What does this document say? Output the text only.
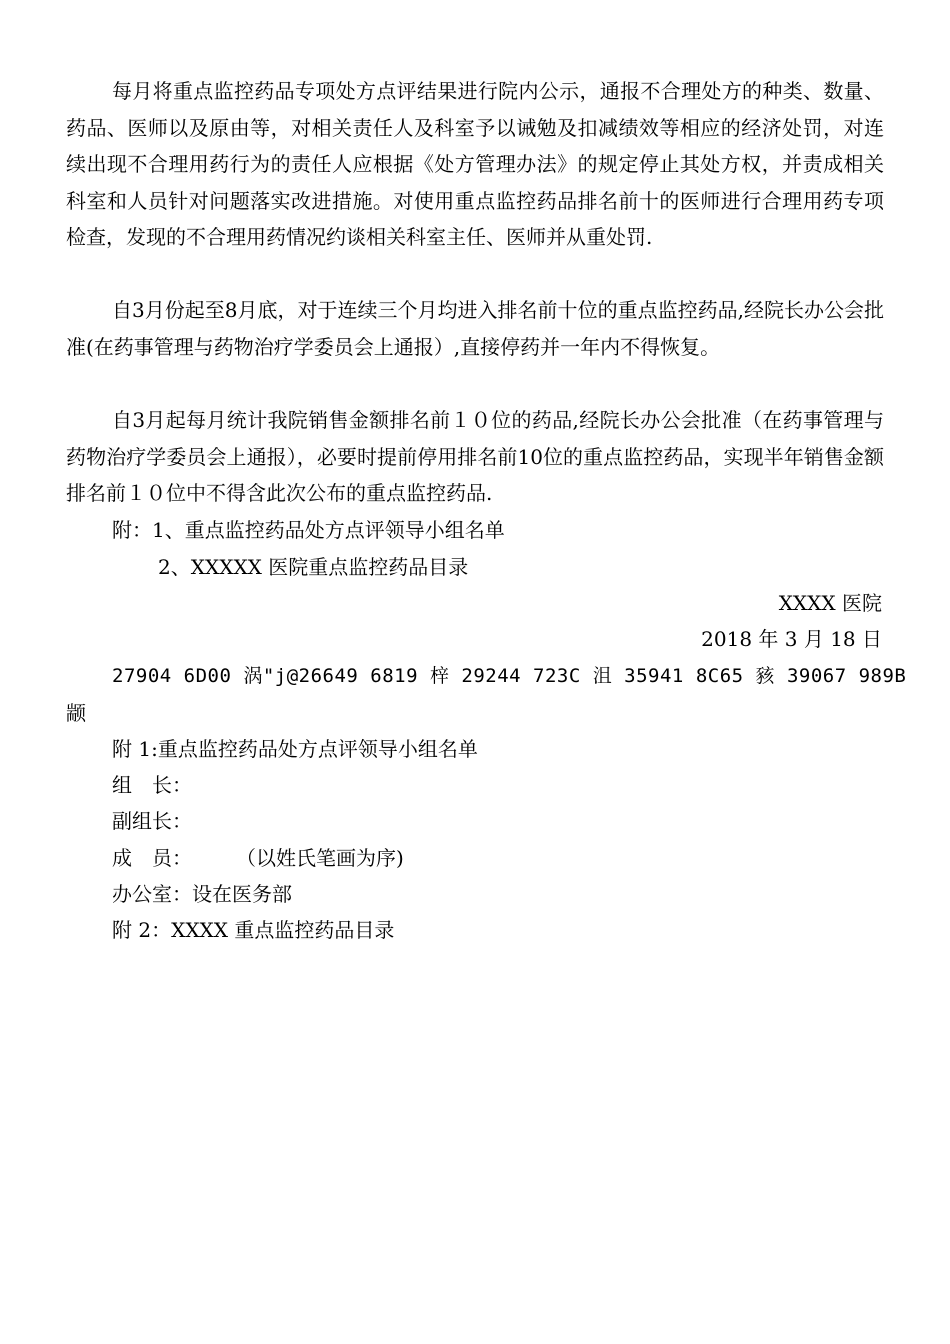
每月将重点监控药品专项处方点评结果进行院内公示，通报不合理处方的种类、数量、药品、医师以及原由等，对相关责任人及科室予以诫勉及扣减绩效等相应的经济处罚，对连续出现不合理用药行为的责任人应根据《处方管理办法》的规定停止其处方权，并责成相关科室和人员针对问题落实改进措施。对使用重点监控药品排名前十的医师进行合理用药专项检查，发现的不合理用药情况约谈相关科室主任、医师并从重处罚.

自3月份起至8月底，对于连续三个月均进入排名前十位的重点监控药品,经院长办公会批准(在药事管理与药物治疗学委员会上通报）,直接停药并一年内不得恢复。

自3月起每月统计我院销售金额排名前１０位的药品,经院长办公会批准（在药事管理与药物治疗学委员会上通报），必要时提前停用排名前10位的重点监控药品，实现半年销售金额排名前１０位中不得含此次公布的重点监控药品.

附：1、重点监控药品处方点评领导小组名单
2、XXXXX 医院重点监控药品目录
XXXX 医院
2018 年 3 月 18 日
27904 6D00 涡"j@26649 6819 梓 29244 723C 沮 35941 8C65 豥 39067 989B
颛
附 1:重点监控药品处方点评领导小组名单
组　长：
副组长：
成　员： （以姓氏笔画为序)
办公室：设在医务部
附 2：XXXX 重点监控药品目录
